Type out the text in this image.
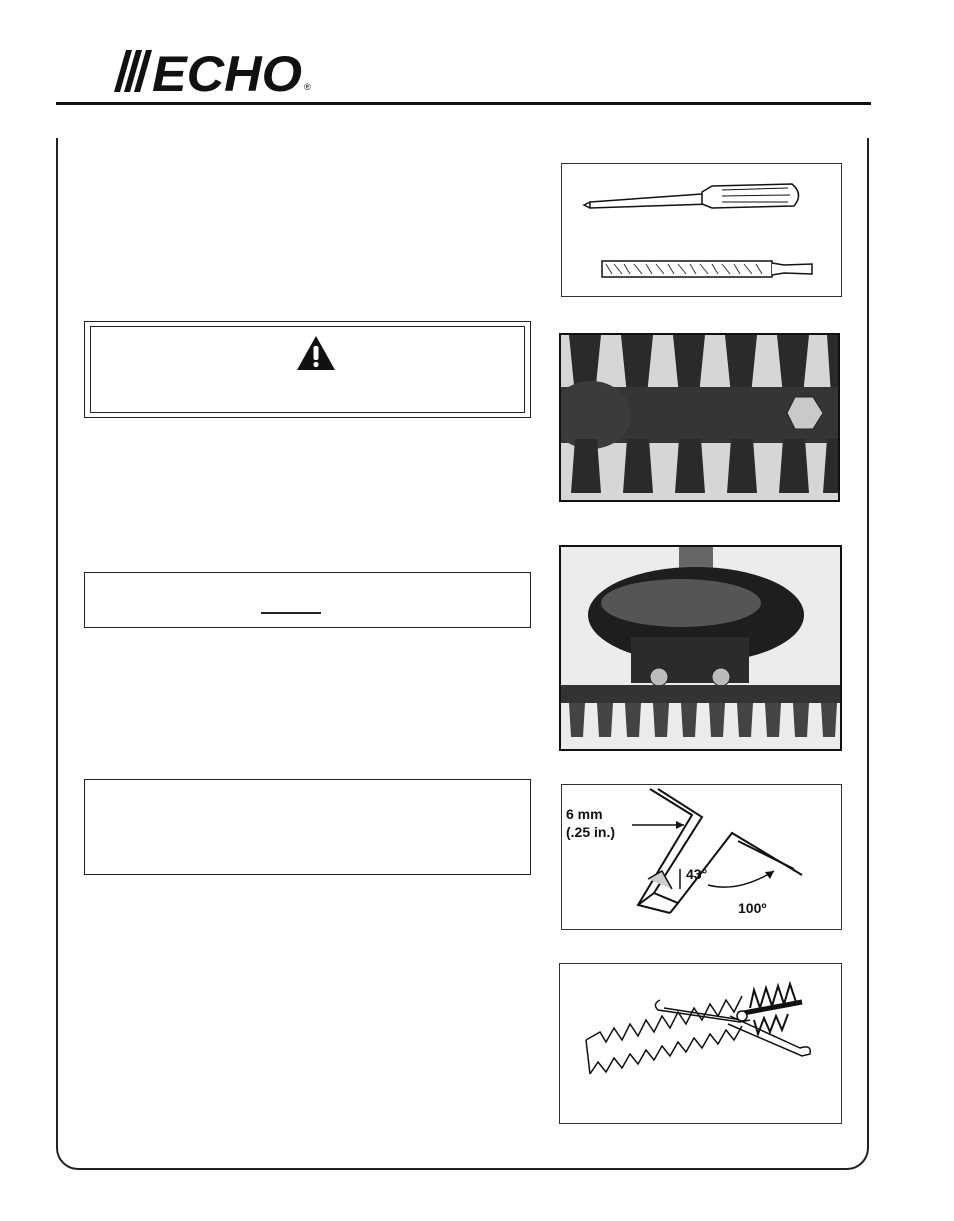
ECHO ®
6 mm
(.25 in.)
43°
100º
